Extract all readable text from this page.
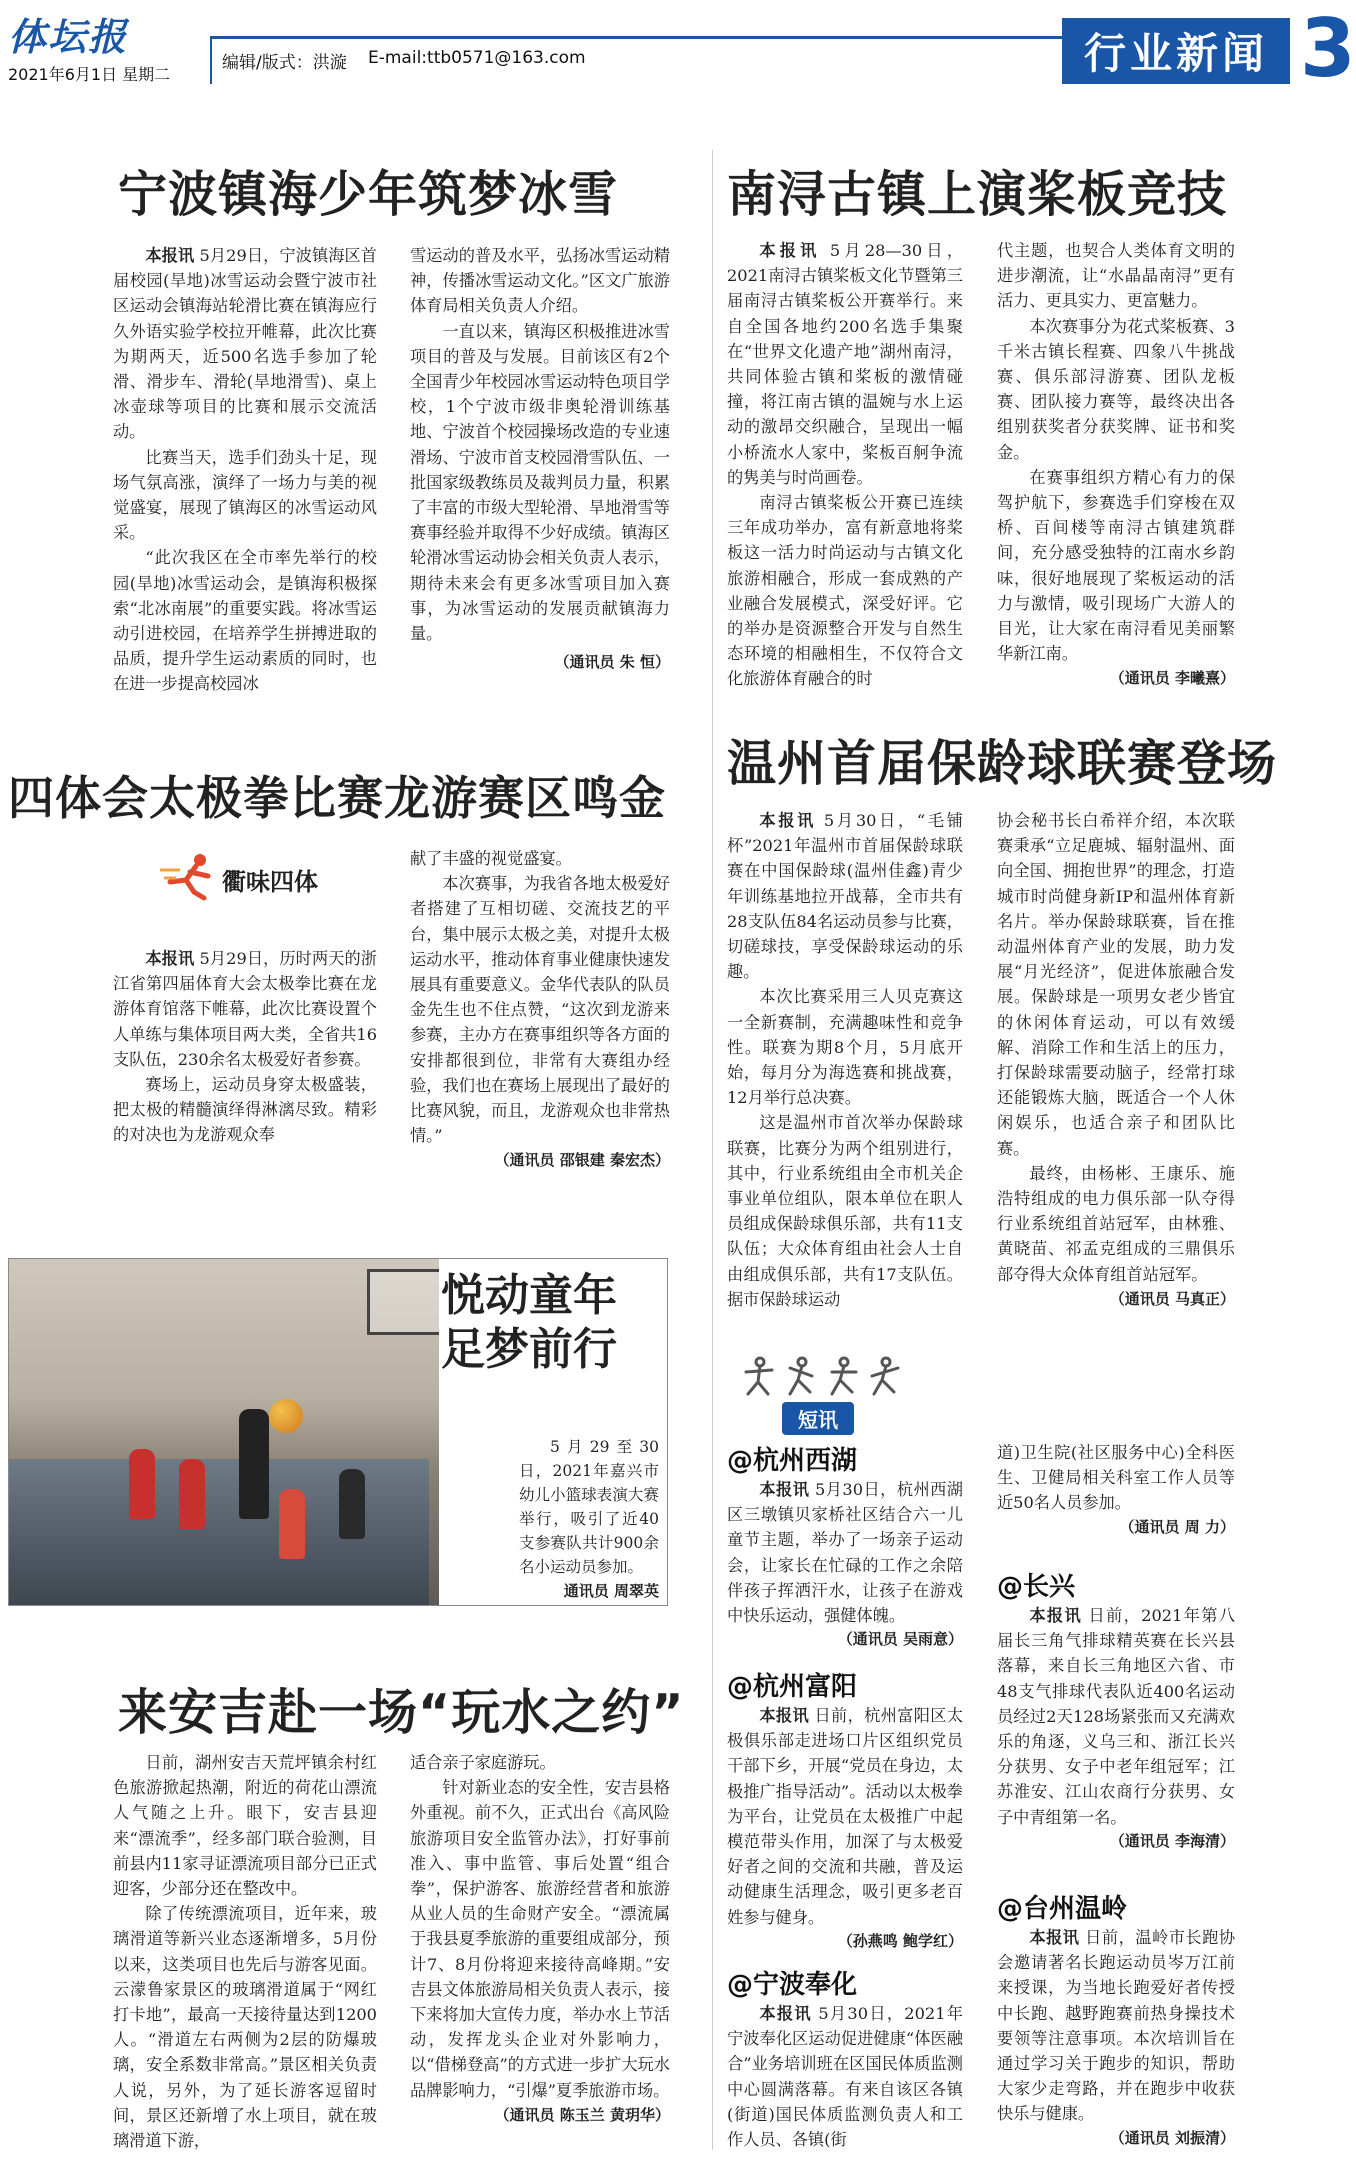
体坛报
2021年6月1日 星期二
编辑/版式：洪漩 E-mail:ttb0571@163.com	行业新闻 3
宁波镇海少年筑梦冰雪

本报讯 5月29日，宁波镇海区首届校园(旱地)冰雪运动会暨宁波市社区运动会镇海站轮滑比赛在镇海应行久外语实验学校拉开帷幕，此次比赛为期两天，近500名选手参加了轮滑、滑步车、滑轮(旱地滑雪)、桌上冰壶球等项目的比赛和展示交流活动。

比赛当天，选手们劲头十足，现场气氛高涨，演绎了一场力与美的视觉盛宴，展现了镇海区的冰雪运动风采。

“此次我区在全市率先举行的校园(旱地)冰雪运动会，是镇海积极探索“北冰南展”的重要实践。将冰雪运动引进校园，在培养学生拼搏进取的品质，提升学生运动素质的同时，也在进一步提高校园冰

雪运动的普及水平，弘扬冰雪运动精神，传播冰雪运动文化。”区文广旅游体育局相关负责人介绍。

一直以来，镇海区积极推进冰雪项目的普及与发展。目前该区有2个全国青少年校园冰雪运动特色项目学校，1个宁波市级非奥轮滑训练基地、宁波首个校园操场改造的专业速滑场、宁波市首支校园滑雪队伍、一批国家级教练员及裁判员力量，积累了丰富的市级大型轮滑、旱地滑雪等赛事经验并取得不少好成绩。镇海区轮滑冰雪运动协会相关负责人表示，期待未来会有更多冰雪项目加入赛事，为冰雪运动的发展贡献镇海力量。

（通讯员 朱 恒）
南浔古镇上演桨板竞技

本报讯 5月28—30日，2021南浔古镇桨板文化节暨第三届南浔古镇桨板公开赛举行。来自全国各地约200名选手集聚在“世界文化遗产地”湖州南浔，共同体验古镇和桨板的激情碰撞，将江南古镇的温婉与水上运动的激昂交织融合，呈现出一幅小桥流水人家中，桨板百舸争流的隽美与时尚画卷。

南浔古镇桨板公开赛已连续三年成功举办，富有新意地将桨板这一活力时尚运动与古镇文化旅游相融合，形成一套成熟的产业融合发展模式，深受好评。它的举办是资源整合开发与自然生态环境的相融相生，不仅符合文化旅游体育融合的时

代主题，也契合人类体育文明的进步潮流，让“水晶晶南浔”更有活力、更具实力、更富魅力。

本次赛事分为花式桨板赛、3千米古镇长程赛、四象八牛挑战赛、俱乐部浔游赛、团队龙板赛、团队接力赛等，最终决出各组别获奖者分获奖牌、证书和奖金。

在赛事组织方精心有力的保驾护航下，参赛选手们穿梭在双桥、百间楼等南浔古镇建筑群间，充分感受独特的江南水乡韵味，很好地展现了桨板运动的活力与激情，吸引现场广大游人的目光，让大家在南浔看见美丽繁华新江南。

（通讯员 李曦熹）
四体会太极拳比赛龙游赛区鸣金
衢味四体

本报讯 5月29日，历时两天的浙江省第四届体育大会太极拳比赛在龙游体育馆落下帷幕，此次比赛设置个人单练与集体项目两大类，全省共16支队伍，230余名太极爱好者参赛。

赛场上，运动员身穿太极盛装，把太极的精髓演绎得淋漓尽致。精彩的对决也为龙游观众奉

献了丰盛的视觉盛宴。

本次赛事，为我省各地太极爱好者搭建了互相切磋、交流技艺的平台，集中展示太极之美，对提升太极运动水平，推动体育事业健康快速发展具有重要意义。金华代表队的队员金先生也不住点赞，“这次到龙游来参赛，主办方在赛事组织等各方面的安排都很到位，非常有大赛组办经验，我们也在赛场上展现出了最好的比赛风貌，而且，龙游观众也非常热情。”

（通讯员 邵银建 秦宏杰）
温州首届保龄球联赛登场

本报讯 5月30日，“毛铺杯”2021年温州市首届保龄球联赛在中国保龄球(温州佳鑫)青少年训练基地拉开战幕，全市共有28支队伍84名运动员参与比赛，切磋球技，享受保龄球运动的乐趣。

本次比赛采用三人贝克赛这一全新赛制，充满趣味性和竞争性。联赛为期8个月，5月底开始，每月分为海选赛和挑战赛，12月举行总决赛。

这是温州市首次举办保龄球联赛，比赛分为两个组别进行，其中，行业系统组由全市机关企事业单位组队，限本单位在职人员组成保龄球俱乐部，共有11支队伍；大众体育组由社会人士自由组成俱乐部，共有17支队伍。据市保龄球运动

协会秘书长白希祥介绍，本次联赛秉承“立足鹿城、辐射温州、面向全国、拥抱世界”的理念，打造城市时尚健身新IP和温州体育新名片。举办保龄球联赛，旨在推动温州体育产业的发展，助力发展“月光经济”，促进体旅融合发展。保龄球是一项男女老少皆宜的休闲体育运动，可以有效缓解、消除工作和生活上的压力，打保龄球需要动脑子，经常打球还能锻炼大脑，既适合一个人休闲娱乐，也适合亲子和团队比赛。

最终，由杨彬、王康乐、施浩特组成的电力俱乐部一队夺得行业系统组首站冠军，由林雅、黄晓苗、祁孟克组成的三鼎俱乐部夺得大众体育组首站冠军。

（通讯员 马真正）
悦动童年
足梦前行

5月29至30日，2021年嘉兴市幼儿小篮球表演大赛举行，吸引了近40支参赛队共计900余名小运动员参加。

通讯员 周翠英
来安吉赴一场“玩水之约”

日前，湖州安吉天荒坪镇余村红色旅游掀起热潮，附近的荷花山漂流人气随之上升。眼下，安吉县迎来“漂流季”，经多部门联合验测，目前县内11家寻证漂流项目部分已正式迎客，少部分还在整改中。

除了传统漂流项目，近年来，玻璃滑道等新兴业态逐渐增多，5月份以来，这类项目也先后与游客见面。云濛鲁家景区的玻璃滑道属于“网红打卡地”，最高一天接待量达到1200人。“滑道左右两侧为2层的防爆玻璃，安全系数非常高。”景区相关负责人说，另外，为了延长游客逗留时间，景区还新增了水上项目，就在玻璃滑道下游，

适合亲子家庭游玩。

针对新业态的安全性，安吉县格外重视。前不久，正式出台《高风险旅游项目安全监管办法》，打好事前准入、事中监管、事后处置“组合拳”，保护游客、旅游经营者和旅游从业人员的生命财产安全。“漂流属于我县夏季旅游的重要组成部分，预计7、8月份将迎来接待高峰期。”安吉县文体旅游局相关负责人表示，接下来将加大宣传力度，举办水上节活动，发挥龙头企业对外影响力，以“借梯登高”的方式进一步扩大玩水品牌影响力，“引爆”夏季旅游市场。

（通讯员 陈玉兰 黄玥华）
短讯
@杭州西湖

本报讯 5月30日，杭州西湖区三墩镇贝家桥社区结合六一儿童节主题，举办了一场亲子运动会，让家长在忙碌的工作之余陪伴孩子挥洒汗水，让孩子在游戏中快乐运动，强健体魄。

（通讯员 吴雨意）
@杭州富阳

本报讯 日前，杭州富阳区太极俱乐部走进场口片区组织党员干部下乡，开展“党员在身边，太极推广指导活动”。活动以太极拳为平台，让党员在太极推广中起模范带头作用，加深了与太极爱好者之间的交流和共融，普及运动健康生活理念，吸引更多老百姓参与健身。

（孙燕鸣 鲍学红）
@宁波奉化

本报讯 5月30日，2021年宁波奉化区运动促进健康“体医融合”业务培训班在区国民体质监测中心圆满落幕。有来自该区各镇(街道)国民体质监测负责人和工作人员、各镇(街

道)卫生院(社区服务中心)全科医生、卫健局相关科室工作人员等近50名人员参加。

（通讯员 周 力）
@长兴

本报讯 日前，2021年第八届长三角气排球精英赛在长兴县落幕，来自长三角地区六省、市48支气排球代表队近400名运动员经过2天128场紧张而又充满欢乐的角逐，义乌三和、浙江长兴分获男、女子中老年组冠军；江苏淮安、江山农商行分获男、女子中青组第一名。

（通讯员 李海清）
@台州温岭

本报讯 日前，温岭市长跑协会邀请著名长跑运动员岑万江前来授课，为当地长跑爱好者传授中长跑、越野跑赛前热身操技术要领等注意事项。本次培训旨在通过学习关于跑步的知识，帮助大家少走弯路，并在跑步中收获快乐与健康。

（通讯员 刘振清）
